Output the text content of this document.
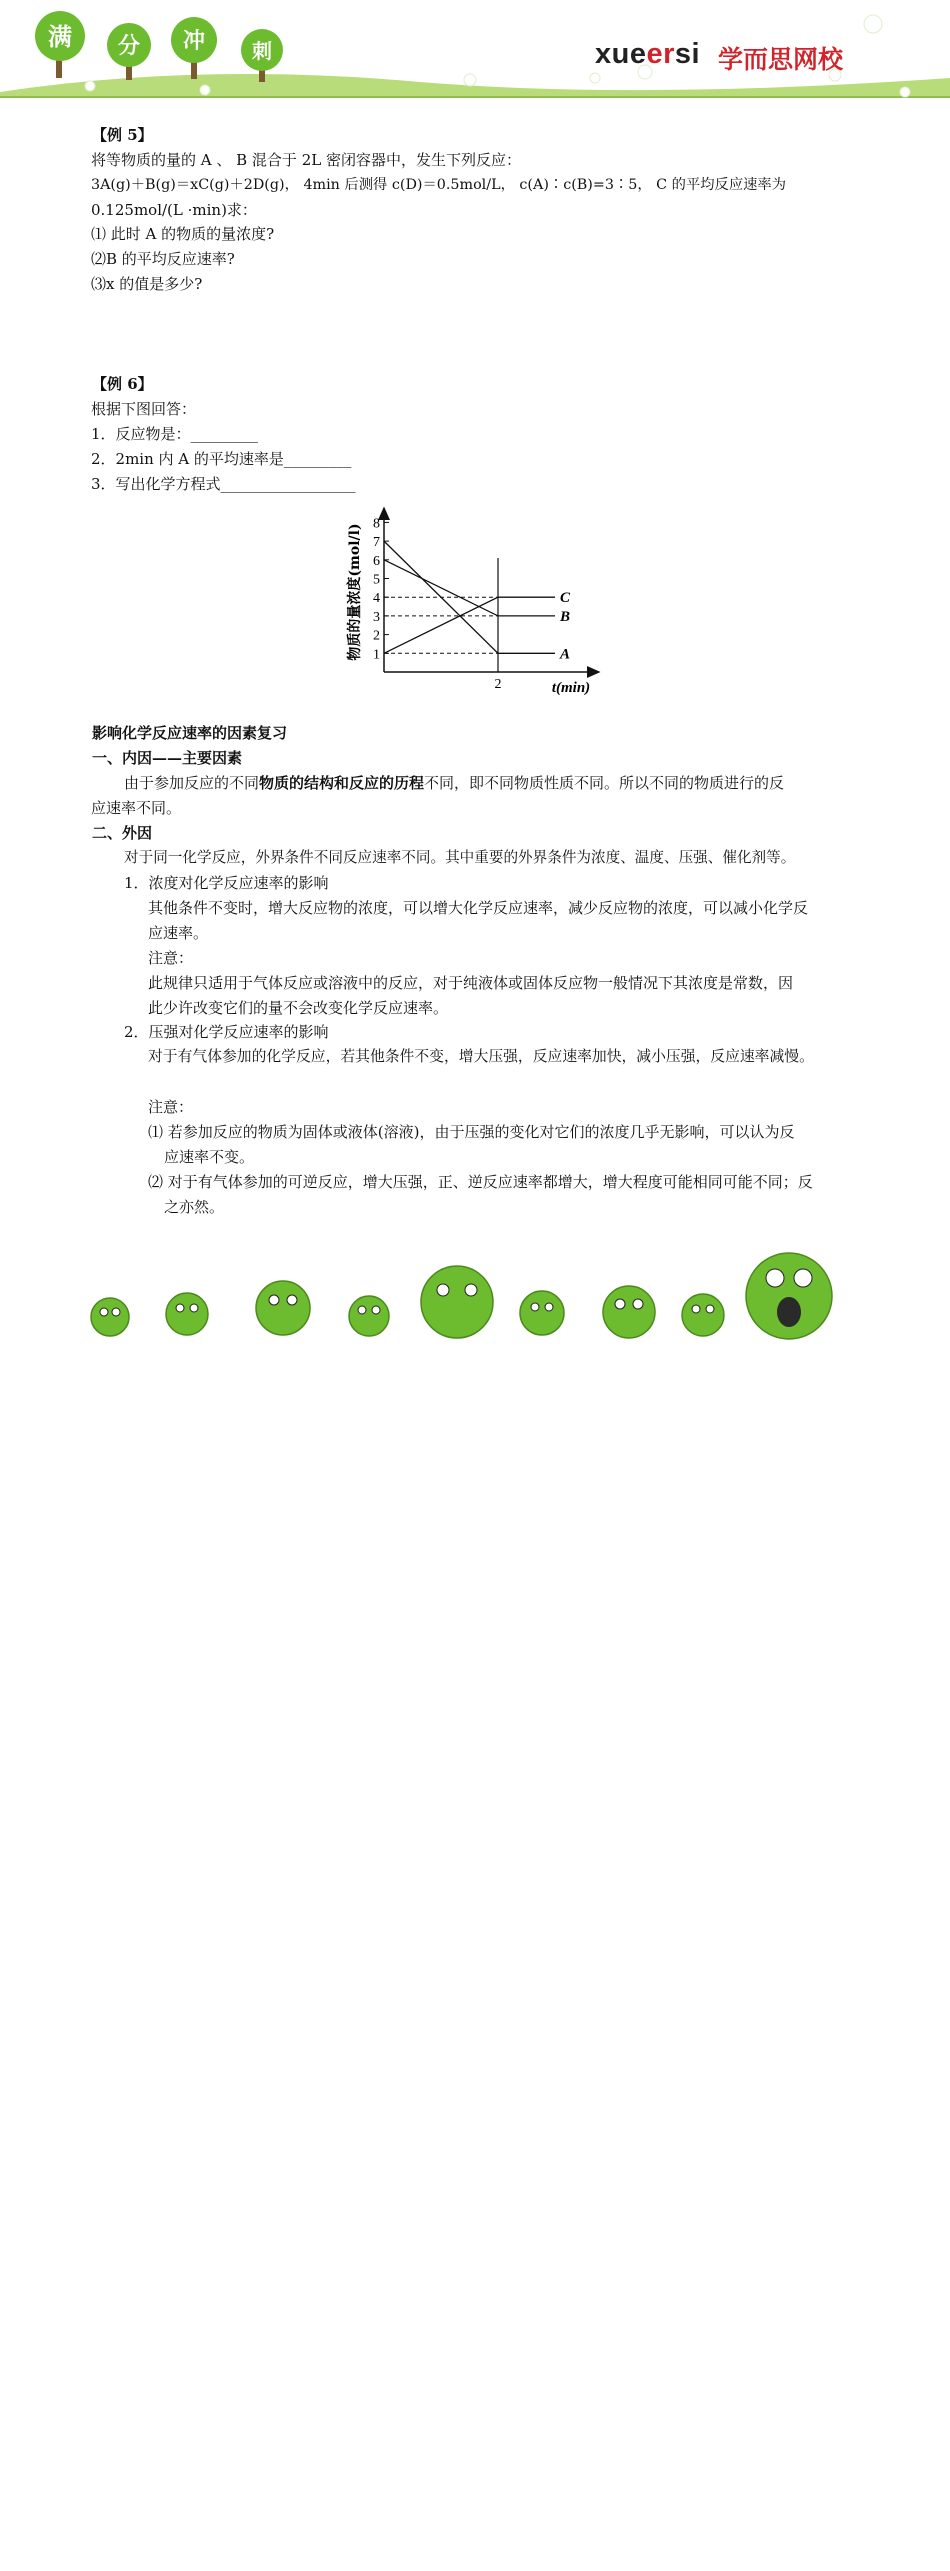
满 分 冲 刺	xueersi 学而思网校
【例 5】
将等物质的量的 A 、 B 混合于 2L 密闭容器中，发生下列反应：
3A(g)＋B(g)＝xC(g)＋2D(g)， 4min 后测得 c(D)＝0.5mol/L， c(A)∶c(B)=3∶5， C 的平均反应速率为
0.125mol/(L ·min)求：
⑴ 此时 A 的物质的量浓度?
⑵B 的平均反应速率?
⑶x 的值是多少?
【例 6】
根据下图回答：
1．反应物是：_________
2．2min 内 A 的平均速率是_________
3．写出化学方程式__________________
物质的量浓度(mol/l)
t(min)
1
2
3
4
5
6
7
8
2
C
B
A
影响化学反应速率的因素复习
一、内因——主要因素
由于参加反应的不同物质的结构和反应的历程不同，即不同物质性质不同。所以不同的物质进行的反
应速率不同。
二、外因
对于同一化学反应，外界条件不同反应速率不同。其中重要的外界条件为浓度、温度、压强、催化剂等。
1．浓度对化学反应速率的影响
其他条件不变时，增大反应物的浓度，可以增大化学反应速率，减少反应物的浓度，可以减小化学反
应速率。
注意：
此规律只适用于气体反应或溶液中的反应，对于纯液体或固体反应物一般情况下其浓度是常数，因
此少许改变它们的量不会改变化学反应速率。
2．压强对化学反应速率的影响
对于有气体参加的化学反应，若其他条件不变，增大压强，反应速率加快，减小压强，反应速率减慢。
注意：
⑴ 若参加反应的物质为固体或液体(溶液)，由于压强的变化对它们的浓度几乎无影响，可以认为反
应速率不变。
⑵ 对于有气体参加的可逆反应，增大压强，正、逆反应速率都增大，增大程度可能相同可能不同；反
之亦然。
2
